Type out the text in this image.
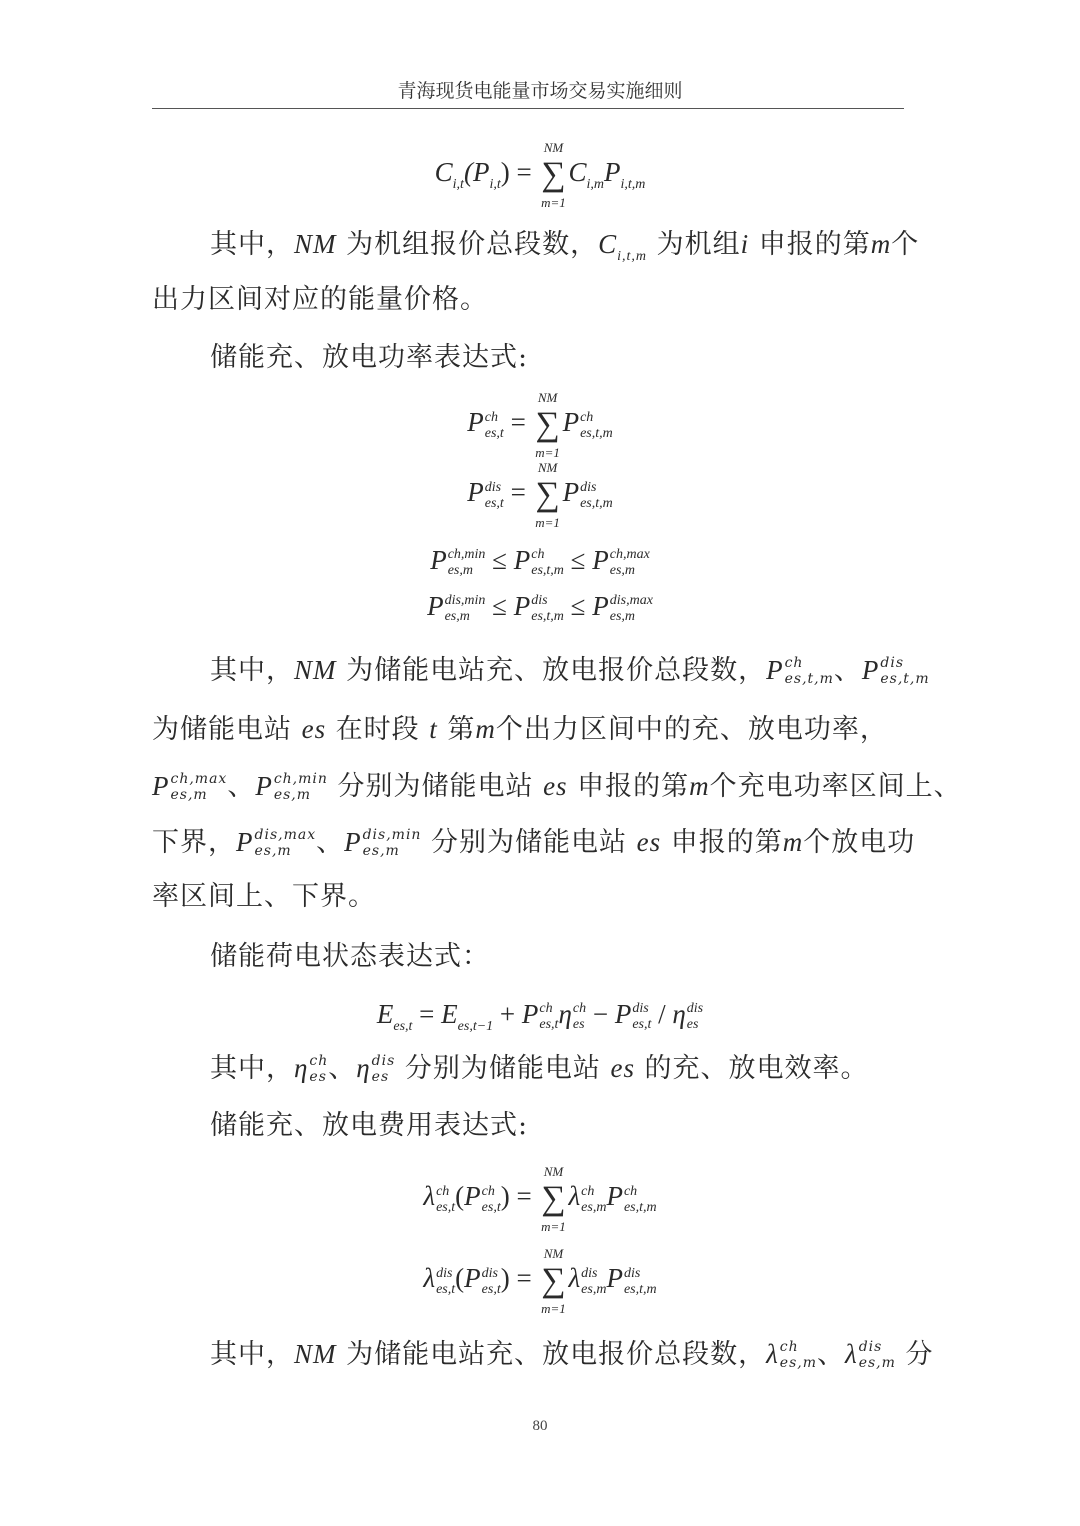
青海现货电能量市场交易实施细则
$C_{i,t}(P_{i,t})$ =
NM
∑
m=1
$C_{i,m}P_{i,t,m}$
其中，NM 为机组报价总段数，$C_{i,t,m}$ 为机组i 申报的第m个
出力区间对应的能量价格。
储能充、放电功率表达式:
P ch
es,t =
NM
∑
m=1
P ch
es,t,m
P dis
es,t =
NM
∑
m=1
P dis
es,t,m
P ch,min
es,m ≤ P ch
es,t,m ≤ P ch,max
es,m
P dis,min
es,m ≤ P dis
es,t,m ≤ P dis,max
es,m
其中，NM 为储能电站充、放电报价总段数，P ch
es,t,m 、P dis
es,t,m
为储能电站 es 在时段 t 第m个出力区间中的充、放电功率，
P ch,max
es,m 、P ch,min
es,m 分别为储能电站 es 申报的第m个充电功率区间上、
下界，P dis,max
es,m 、P dis,min
es,m 分别为储能电站 es 申报的第m个放电功
率区间上、下界。
储能荷电状态表达式：
$E_{es,t} = E_{es,t-1} + P$ ch
es,t η ch
es − P dis
es,t / η dis
es
其中，η ch
es 、η dis
es 分别为储能电站 es 的充、放电效率。
储能充、放电费用表达式:
λ ch
es,t (P ch
es,t ) =
NM
∑
m=1
λ ch
es,m P ch
es,t,m
λ dis
es,t (P dis
es,t ) =
NM
∑
m=1
λ dis
es,m P dis
es,t,m
其中，NM 为储能电站充、放电报价总段数，λ ch
es,m 、λ dis
es,m 分
80
